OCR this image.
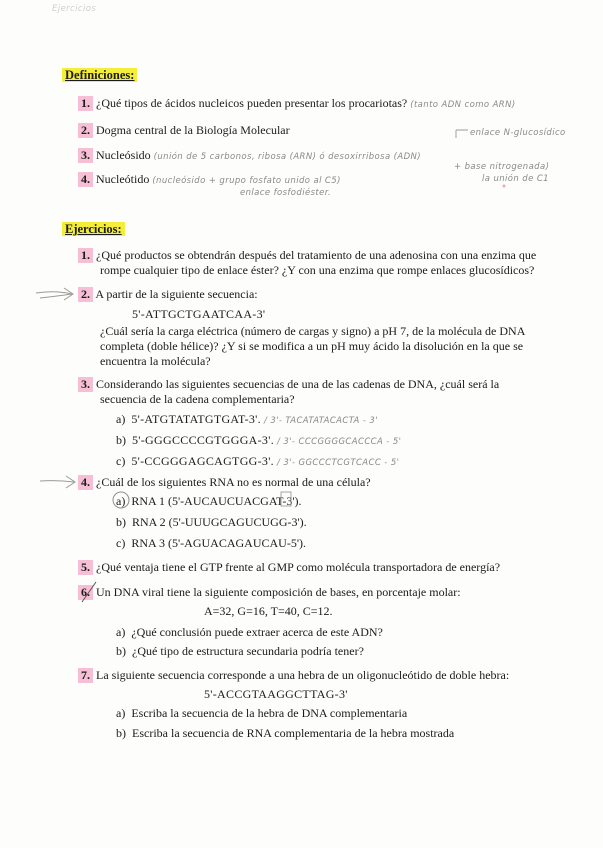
Ejercicios
Definiciones:
1. ¿Qué tipos de ácidos nucleicos pueden presentar los procariotas? (tanto ADN como ARN)
2. Dogma central de la Biología Molecular
3. Nucleósido (unión de 5 carbonos, ribosa (ARN) ó desoxirribosa (ADN)
+ base nitrogenada)
enlace N-glucosídico
la unión de C1
4. Nucleótido (nucleósido + grupo fosfato unido al C5)
enlace fosfodiéster.
Ejercicios:
1. ¿Qué productos se obtendrán después del tratamiento de una adenosina con una enzima que
rompe cualquier tipo de enlace éster? ¿Y con una enzima que rompe enlaces glucosídicos?
2. A partir de la siguiente secuencia:
5'-ATTGCTGAATCAA-3'
¿Cuál sería la carga eléctrica (número de cargas y signo) a pH 7, de la molécula de DNA
completa (doble hélice)? ¿Y si se modifica a un pH muy ácido la disolución en la que se
encuentra la molécula?
3. Considerando las siguientes secuencias de una de las cadenas de DNA, ¿cuál será la
secuencia de la cadena complementaria?
a) 5'-ATGTATATGTGAT-3'. / 3'- TACATATACACTA - 3'
b) 5'-GGGCCCCGTGGGA-3'. / 3'- CCCGGGGCACCCA - 5'
c) 5'-CCGGGAGCAGTGG-3'. / 3'- GGCCCTCGTCACC - 5'
4. ¿Cuál de los siguientes RNA no es normal de una célula?
a) RNA 1 (5'-AUCAUCUACGAT-3').
b) RNA 2 (5'-UUUGCAGUCUGG-3').
c) RNA 3 (5'-AGUACAGAUCAU-5').
5. ¿Qué ventaja tiene el GTP frente al GMP como molécula transportadora de energía?
6. Un DNA viral tiene la siguiente composición de bases, en porcentaje molar:
A=32, G=16, T=40, C=12.
a) ¿Qué conclusión puede extraer acerca de este ADN?
b) ¿Qué tipo de estructura secundaria podría tener?
7. La siguiente secuencia corresponde a una hebra de un oligonucleótido de doble hebra:
5'-ACCGTAAGGCTTAG-3'
a) Escriba la secuencia de la hebra de DNA complementaria
b) Escriba la secuencia de RNA complementaria de la hebra mostrada
